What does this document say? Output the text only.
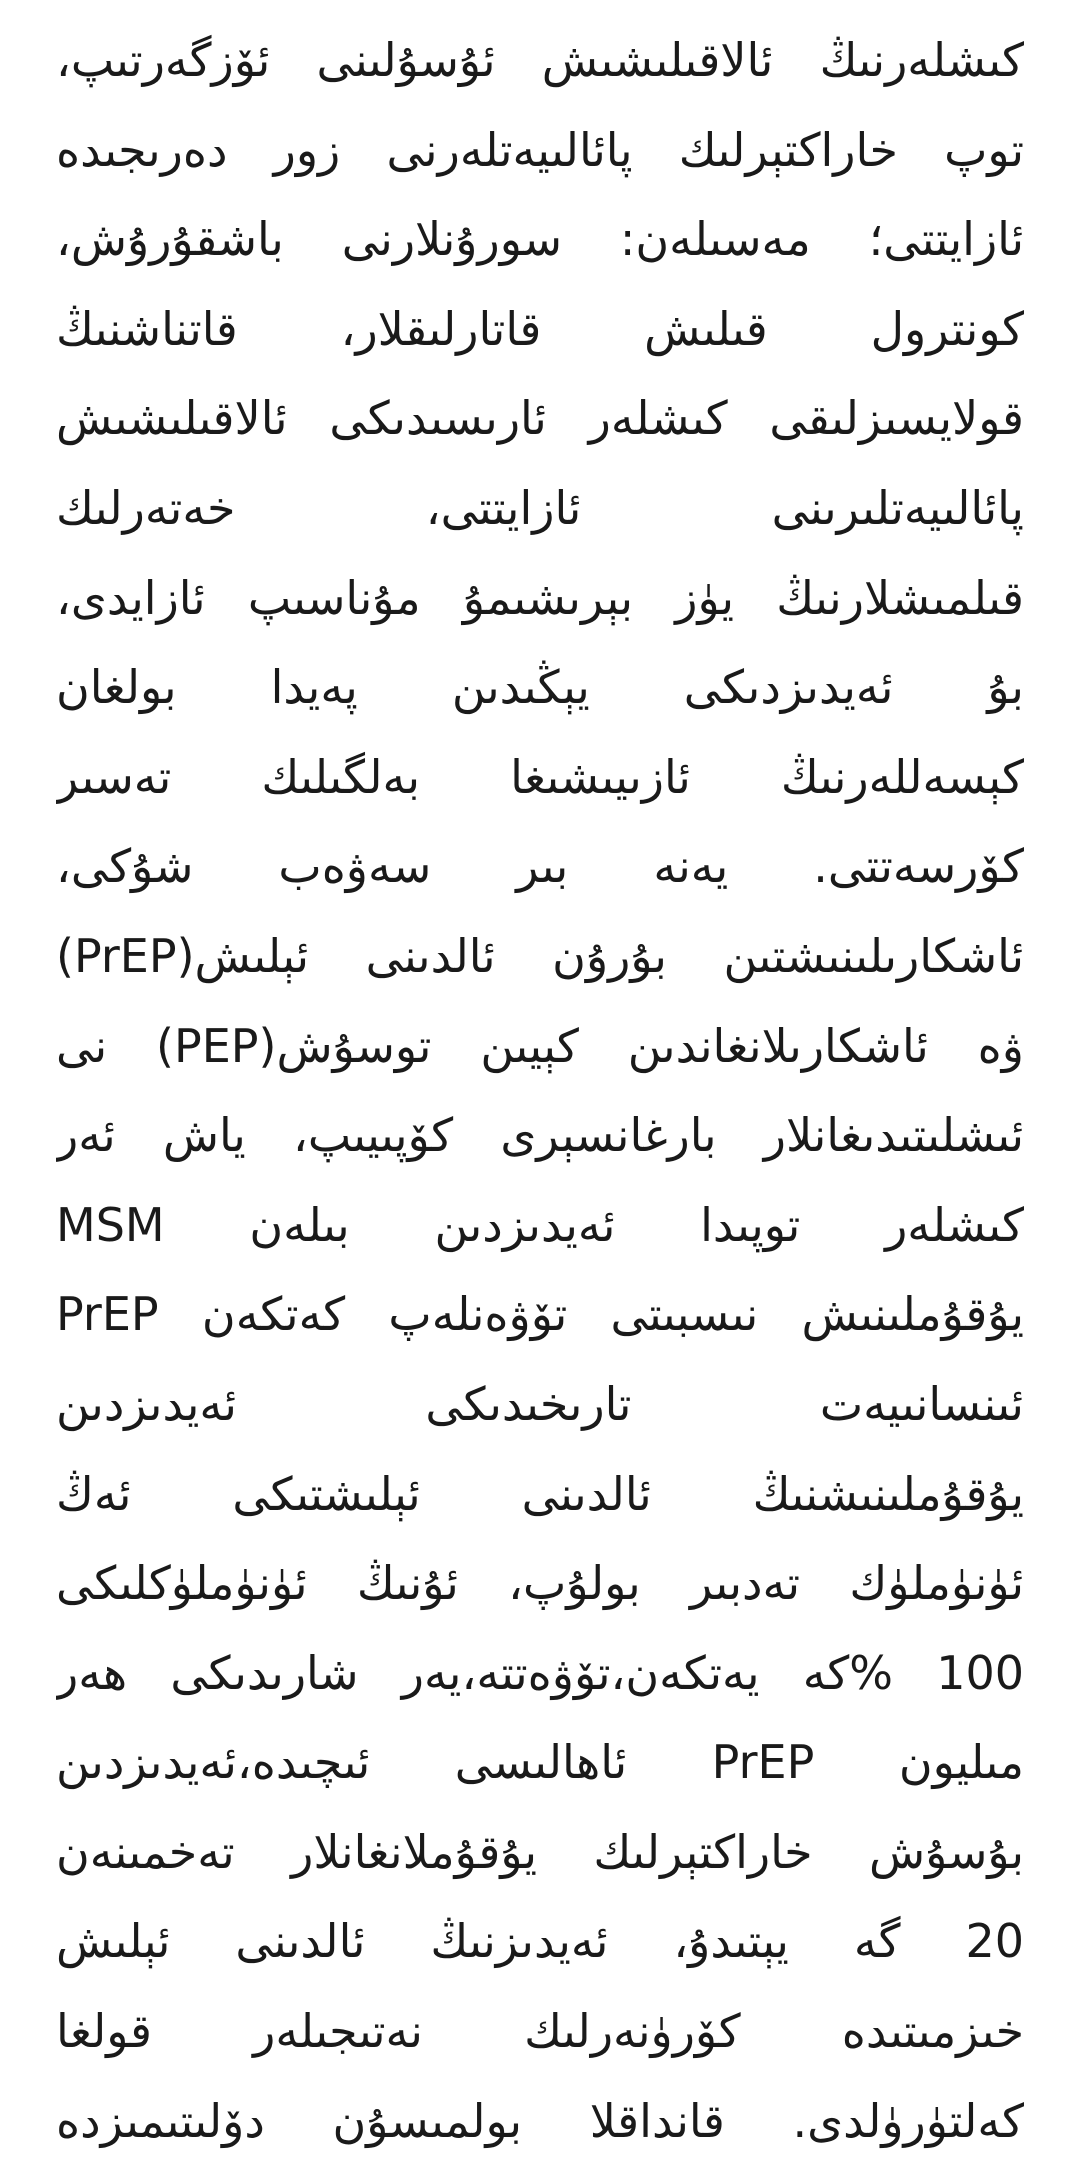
كىشلەرنىڭ ئالاقىلىشىش ئۇسۇلىنى ئۆزگەرتىپ،
توپ خاراكتېرلىك پائالىيەتلەرنى زور دەرىجىدە
ئازايتتى؛ مەسىلەن: سورۇنلارنى باشقۇرۇش،
كونترول قىلىش قاتارلىقلار، قاتناشنىڭ
قولايسىزلىقى كىشلەر ئارىسىدىكى ئالاقىلىشىش
پائالىيەتلىرىنى ئازايتتى، خەتەرلىك
قىلمىشلارنىڭ يۈز بېرىشىمۇ مۇناسىپ ئازايدى،
بۇ ئەيدىزدىكى يېڭىدىن پەيدا بولغان
كېسەللەرنىڭ ئازىيىشىغا بەلگىلىك تەسىر
كۆرسەتتى. يەنە بىر سەۋەب شۇكى،
ئاشكارىلىنىشتىن بۇرۇن ئالدىنى ئېلىش(PrEP)
ۋە ئاشكارىلانغاندىن كېيىن توسۇش(PEP) نى
ئىشلىتىدىغانلار بارغانسېرى كۆپىيىپ، ياش ئەر
MSM كىشلەر توپىدا ئەيدىزدىن بىلەن
يۇقۇملىنىش نىسبىتى تۆۋەنلەپ كەتكەن PrEP
ئىنسانىيەت تارىخىدىكى ئەيدىزدىن
يۇقۇملىنىشنىڭ ئالدىنى ئېلىشتىكى ئەڭ
ئۈنۈملۈك تەدبىر بولۇپ، ئۇنىڭ ئۈنۈملۈكلىكى
100 %كە يەتكەن،تۆۋەتتە،يەر شارىدىكى ھەر
مىليون PrEP ئاھالىسى ئىچىدە،ئەيدىزدىن
بۇسۇش خاراكتېرلىك يۇقۇملانغانلار تەخمىنەن
20 گە يېتىدۇ، ئەيدىزنىڭ ئالدىنى ئېلىش
خىزمىتىدە كۆرۈنەرلىك نەتىجىلەر قولغا
كەلتۈرۈلدى. قانداقلا بولمىسۇن دۆلىتىمىزدە
